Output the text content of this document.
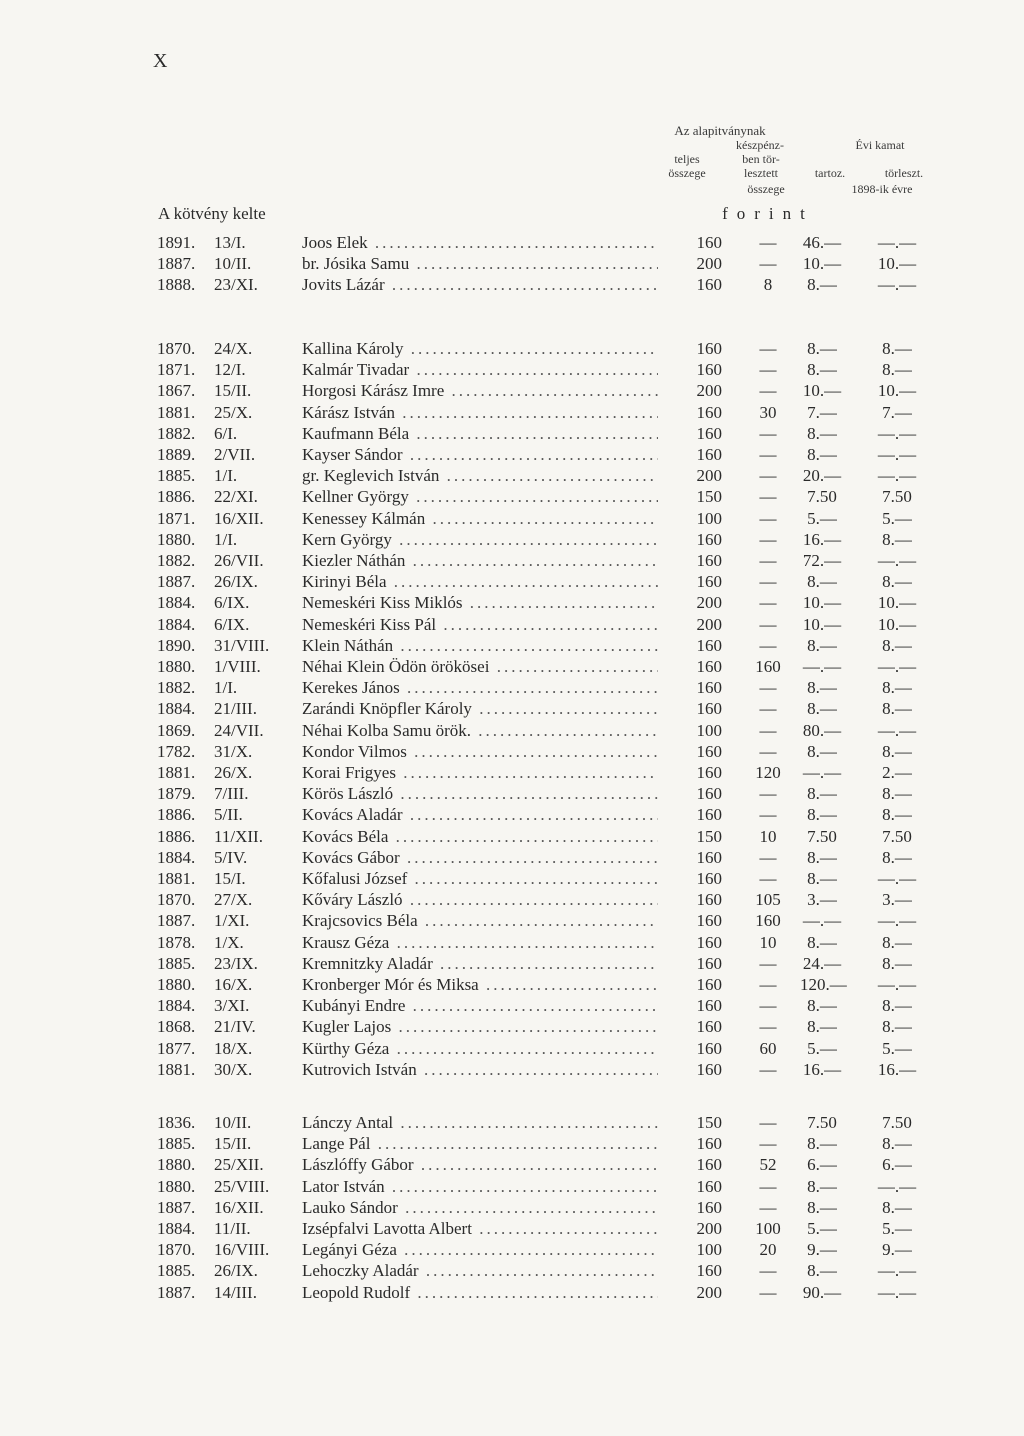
X
Az alapitványnak
teljes
összege
készpénz-
ben tör-
lesztett
összege
Évi kamat
tartoz.	törleszt.
1898-ik évre
A kötvény kelte	forint
1891. 13/I.	Joos Elek .....	160	—	46.—	—.—
1887. 10/II.	br. Jósika Samu .....	200	—	10.—	10.—
1888. 23/XI.	Jovits Lázár .....	160	8	8.—	—.—
1870. 24/X.	Kallina Károly .....	160	—	8.—	8.—
1871. 12/I.	Kalmár Tivadar .....	160	—	8.—	8.—
1867. 15/II.	Horgosi Kárász Imre .....	200	—	10.—	10.—
1881. 25/X.	Kárász István .....	160	30	7.—	7.—
1882. 6/I.	Kaufmann Béla .....	160	—	8.—	—.—
1889. 2/VII.	Kayser Sándor .....	160	—	8.—	—.—
1885. 1/I.	gr. Keglevich István .....	200	—	20.—	—.—
1886. 22/XI.	Kellner György .....	150	—	7.50	7.50
1871. 16/XII. Kenessey Kálmán .....	100	—	5.—	5.—
1880. 1/I.	Kern György .....	160	—	16.—	8.—
1882. 26/VII. Kiezler Náthán .....	160	—	72.—	—.—
1887. 26/IX.	Kirinyi Béla .....	160	—	8.—	8.—
1884. 6/IX.	Nemeskéri Kiss Miklós .....	200	—	10.—	10.—
1884. 6/IX.	Nemeskéri Kiss Pál .....	200	—	10.—	10.—
1890. 31/VIII. Klein Náthán .....	160	—	8.—	8.—
1880. 1/VIII. Néhai Klein Ödön örökösei .....	160	160	—.—	—.—
1882. 1/I.	Kerekes János .....	160	—	8.—	8.—
1884. 21/III.	Zarándi Knöpfler Károly .....	160	—	8.—	8.—
1869. 24/VII. Néhai Kolba Samu örök. .....	100	—	80.—	—.—
1782. 31/X.	Kondor Vilmos .....	160	—	8.—	8.—
1881. 26/X.	Korai Frigyes .....	160	120	—.—	2.—
1879. 7/III.	Körös László .....	160	—	8.—	8.—
1886. 5/II.	Kovács Aladár .....	160	—	8.—	8.—
1886. 11/XII. Kovács Béla .....	150	10	7.50	7.50
1884. 5/IV.	Kovács Gábor .....	160	—	8.—	8.—
1881. 15/I.	Kőfalusi József .....	160	—	8.—	—.—
1870. 27/X.	Kőváry László .....	160	105	3.—	3.—
1887. 1/XI.	Krajcsovics Béla .....	160	160	—.—	—.—
1878. 1/X.	Krausz Géza .....	160	10	8.—	8.—
1885. 23/IX.	Kremnitzky Aladár .....	160	—	24.—	8.—
1880. 16/X.	Kronberger Mór és Miksa .....	160	—	120.—	—.—
1884. 3/XI.	Kubányi Endre .....	160	—	8.—	8.—
1868. 21/IV.	Kugler Lajos .....	160	—	8.—	8.—
1877. 18/X.	Kürthy Géza .....	160	60	5.—	5.—
1881. 30/X.	Kutrovich István .....	160	—	16.—	16.—
1836. 10/II.	Lánczy Antal .....	150	—	7.50	7.50
1885. 15/II.	Lange Pál .....	160	—	8.—	8.—
1880. 25/XII. Lászlóffy Gábor .....	160	52	6.—	6.—
1880. 25/VIII. Lator István .....	160	—	8.—	—.—
1887. 16/XII. Lauko Sándor .....	160	—	8.—	8.—
1884. 11/II.	Izsépfalvi Lavotta Albert .....	200	100	5.—	5.—
1870. 16/VIII. Legányi Géza .....	100	20	9.—	9.—
1885. 26/IX.	Lehoczky Aladár .....	160	—	8.—	—.—
1887. 14/III.	Leopold Rudolf .....	200	—	90.—	—.—
